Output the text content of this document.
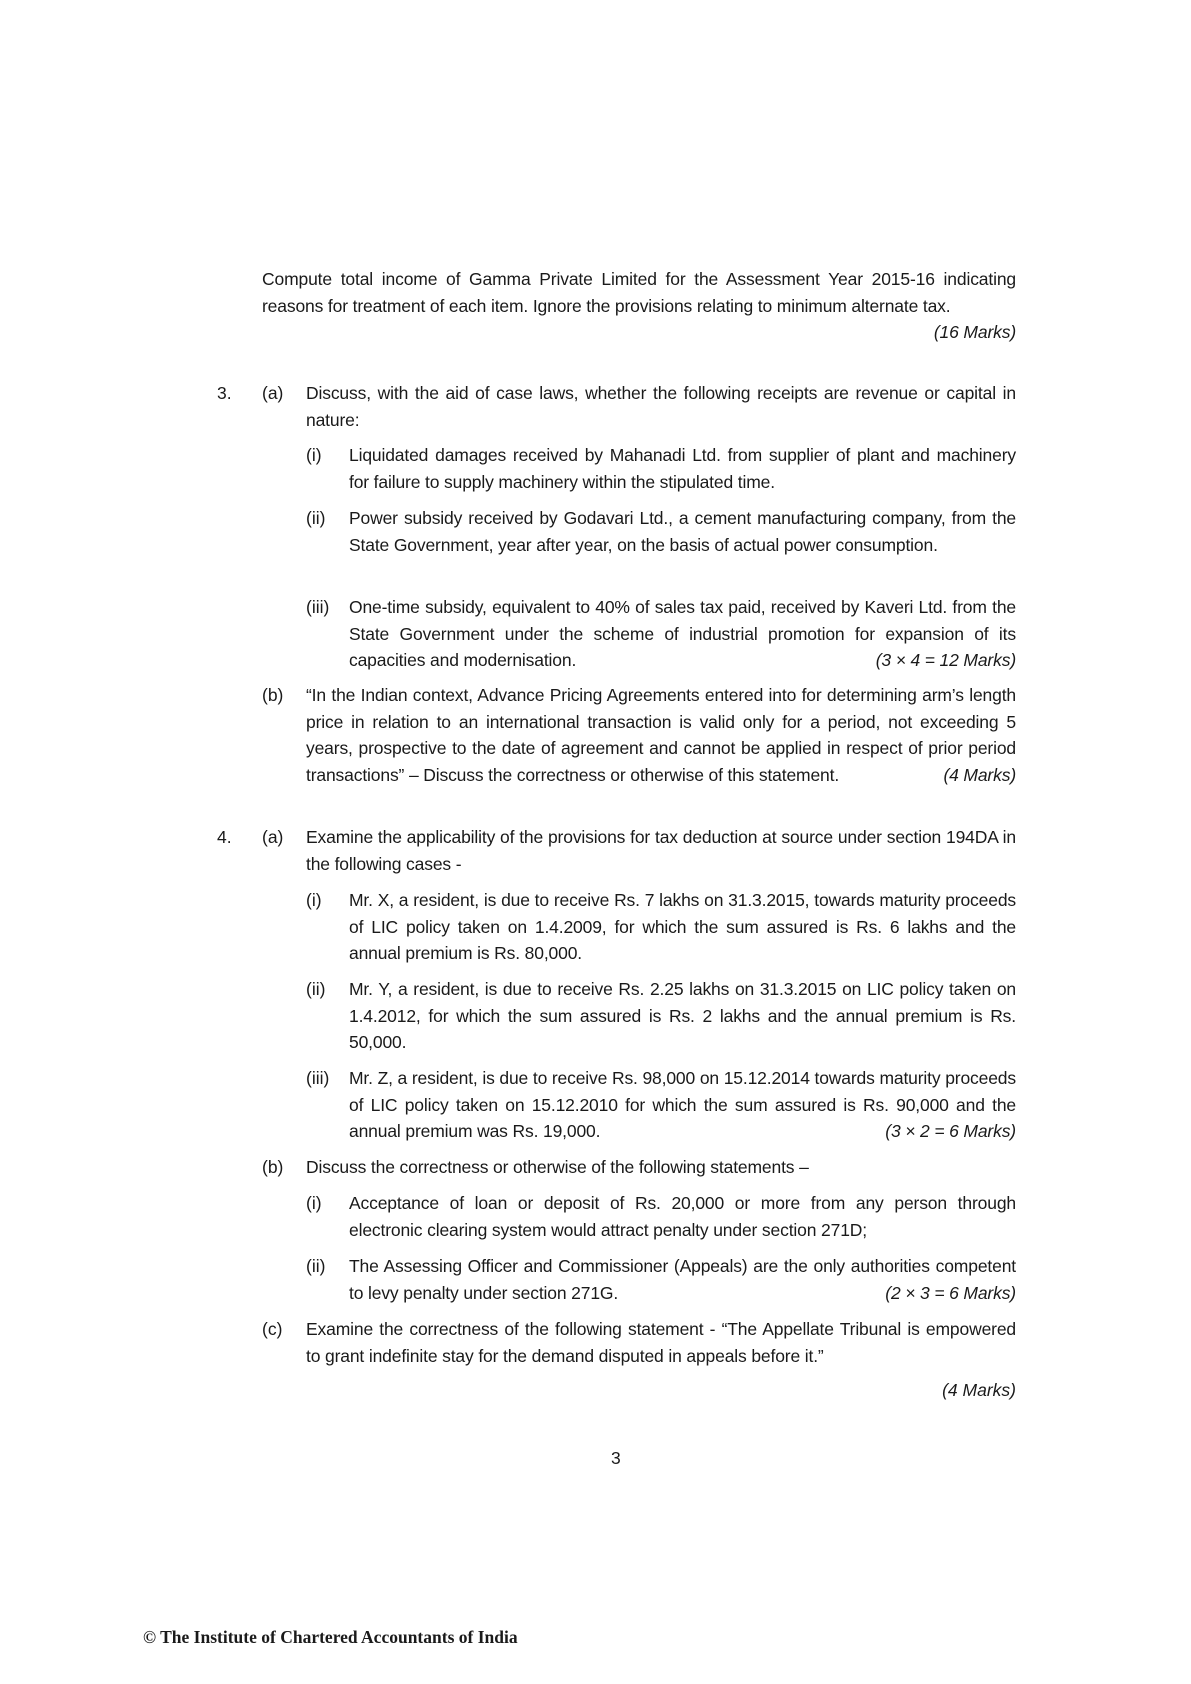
Compute total income of Gamma Private Limited for the Assessment Year 2015-16 indicating reasons for treatment of each item. Ignore the provisions relating to minimum alternate tax.
(16 Marks)
3. (a) Discuss, with the aid of case laws, whether the following receipts are revenue or capital in nature:
(i) Liquidated damages received by Mahanadi Ltd. from supplier of plant and machinery for failure to supply machinery within the stipulated time.
(ii) Power subsidy received by Godavari Ltd., a cement manufacturing company, from the State Government, year after year, on the basis of actual power consumption.
(iii) One-time subsidy, equivalent to 40% of sales tax paid, received by Kaveri Ltd. from the State Government under the scheme of industrial promotion for expansion of its capacities and modernisation.	(3 × 4 = 12 Marks)
(b) “In the Indian context, Advance Pricing Agreements entered into for determining arm’s length price in relation to an international transaction is valid only for a period, not exceeding 5 years, prospective to the date of agreement and cannot be applied in respect of prior period transactions” – Discuss the correctness or otherwise of this statement.	(4 Marks)
4. (a) Examine the applicability of the provisions for tax deduction at source under section 194DA in the following cases -
(i) Mr. X, a resident, is due to receive Rs. 7 lakhs on 31.3.2015, towards maturity proceeds of LIC policy taken on 1.4.2009, for which the sum assured is Rs. 6 lakhs and the annual premium is Rs. 80,000.
(ii) Mr. Y, a resident, is due to receive Rs. 2.25 lakhs on 31.3.2015 on LIC policy taken on 1.4.2012, for which the sum assured is Rs. 2 lakhs and the annual premium is Rs. 50,000.
(iii) Mr. Z, a resident, is due to receive Rs. 98,000 on 15.12.2014 towards maturity proceeds of LIC policy taken on 15.12.2010 for which the sum assured is Rs. 90,000 and the annual premium was Rs. 19,000.	(3 × 2 = 6 Marks)
(b) Discuss the correctness or otherwise of the following statements –
(i) Acceptance of loan or deposit of Rs. 20,000 or more from any person through electronic clearing system would attract penalty under section 271D;
(ii) The Assessing Officer and Commissioner (Appeals) are the only authorities competent to levy penalty under section 271G.	(2 × 3 = 6 Marks)
(c) Examine the correctness of the following statement - “The Appellate Tribunal is empowered to grant indefinite stay for the demand disputed in appeals before it.”
(4 Marks)
3
© The Institute of Chartered Accountants of India
